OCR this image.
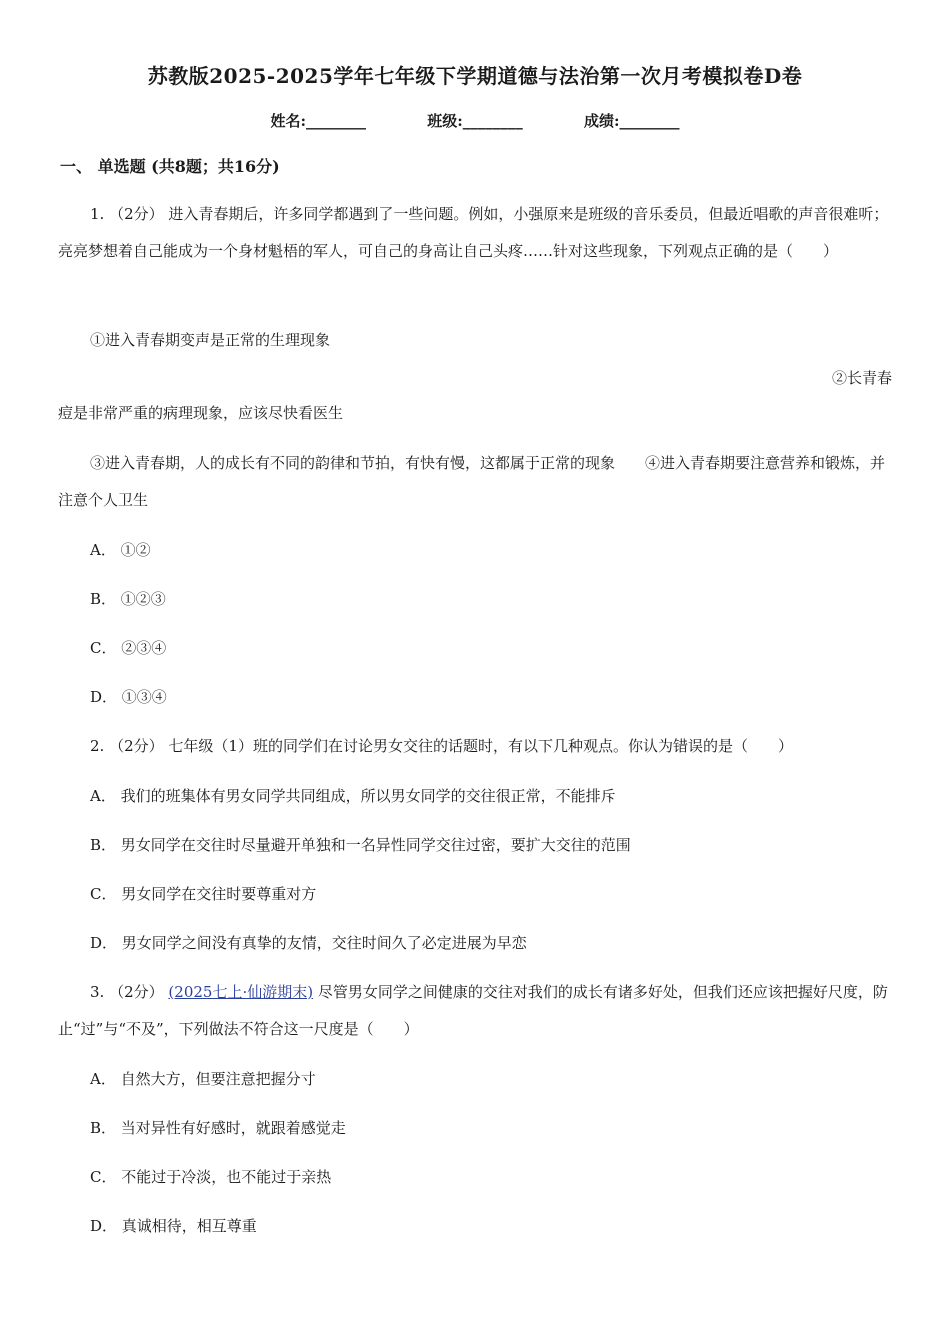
苏教版2025-2025学年七年级下学期道德与法治第一次月考模拟卷D卷
姓名:________	班级:________	成绩:________
一、 单选题 (共8题；共16分)
1. （2分） 进入青春期后，许多同学都遇到了一些问题。例如，小强原来是班级的音乐委员，但最近唱歌的声音很难听；亮亮梦想着自己能成为一个身材魁梧的军人，可自己的身高让自己头疼……针对这些现象，下列观点正确的是（　　）
①进入青春期变声是正常的生理现象
②长青春
痘是非常严重的病理现象，应该尽快看医生
③进入青春期，人的成长有不同的韵律和节拍，有快有慢，这都属于正常的现象　　④进入青春期要注意营养和锻炼，并注意个人卫生
A． ①②
B． ①②③
C． ②③④
D． ①③④
2. （2分） 七年级（1）班的同学们在讨论男女交往的话题时，有以下几种观点。你认为错误的是（　　）
A． 我们的班集体有男女同学共同组成，所以男女同学的交往很正常，不能排斥
B． 男女同学在交往时尽量避开单独和一名异性同学交往过密，要扩大交往的范围
C． 男女同学在交往时要尊重对方
D． 男女同学之间没有真挚的友情，交往时间久了必定进展为早恋
3. （2分） (2025七上·仙游期末) 尽管男女同学之间健康的交往对我们的成长有诸多好处，但我们还应该把握好尺度，防止“过”与“不及”，下列做法不符合这一尺度是（　　）
A． 自然大方，但要注意把握分寸
B． 当对异性有好感时，就跟着感觉走
C． 不能过于冷淡，也不能过于亲热
D． 真诚相待，相互尊重
